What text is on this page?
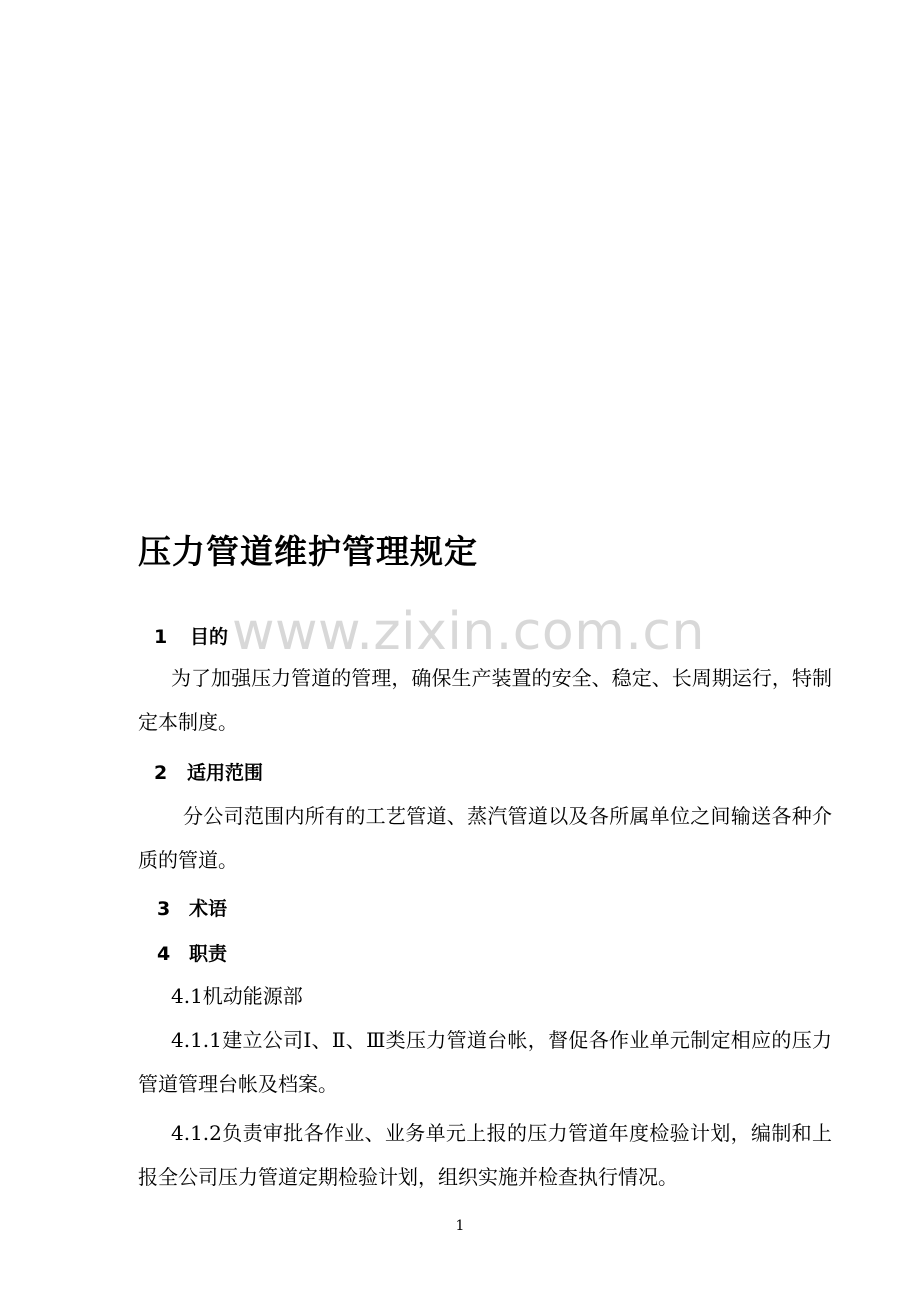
www.zixin.com.cn
压力管道维护管理规定
1 目的
为了加强压力管道的管理，确保生产装置的安全、稳定、长周期运行，特制定本制度。
2 适用范围
分公司范围内所有的工艺管道、蒸汽管道以及各所属单位之间输送各种介质的管道。
3 术语
4 职责
4.1机动能源部
4.1.1建立公司Ⅰ、Ⅱ、Ⅲ类压力管道台帐，督促各作业单元制定相应的压力管道管理台帐及档案。
4.1.2负责审批各作业、业务单元上报的压力管道年度检验计划，编制和上报全公司压力管道定期检验计划，组织实施并检查执行情况。
1
